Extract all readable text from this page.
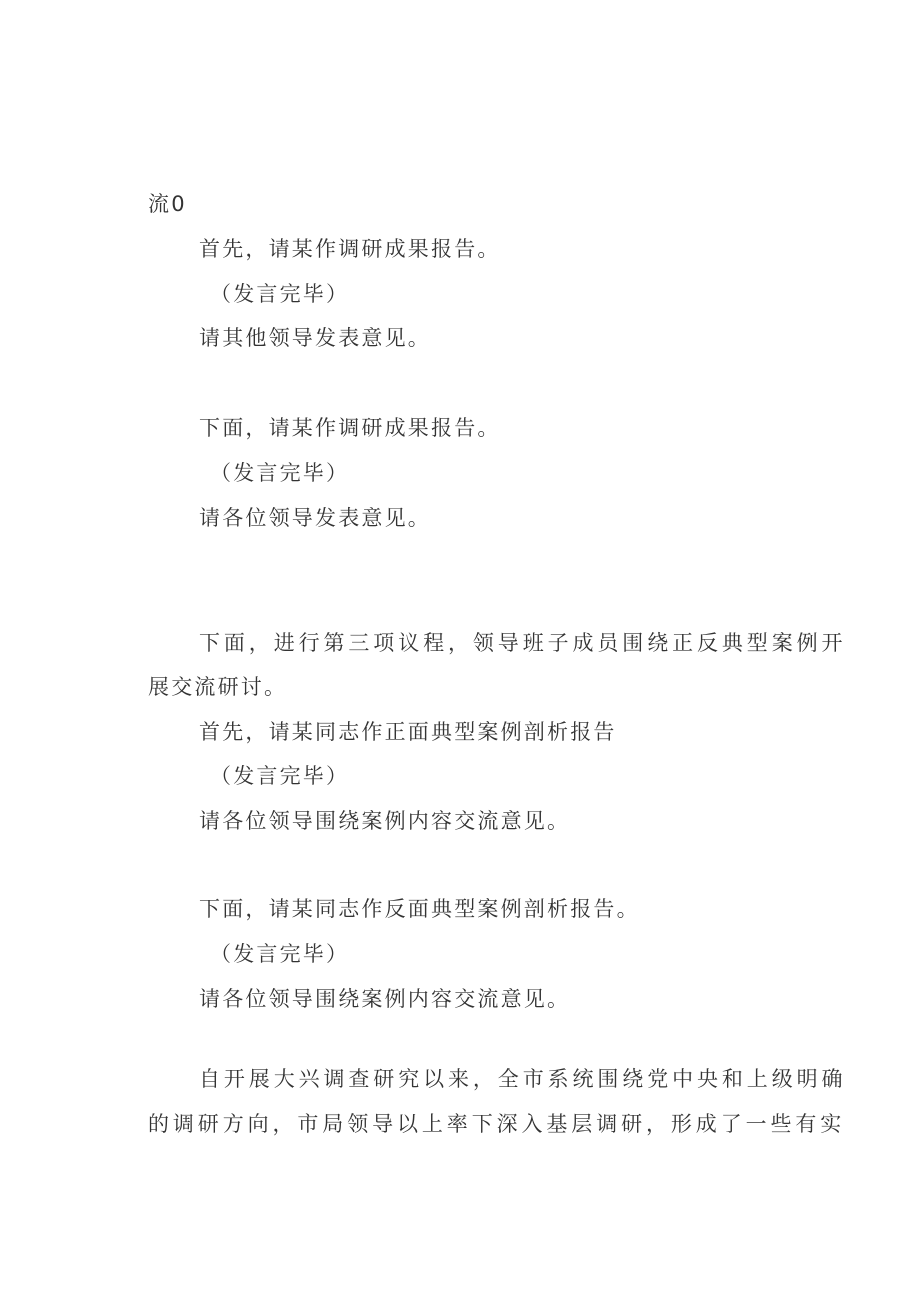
流0

首先，请某作调研成果报告。

（发言完毕）

请其他领导发表意见。

下面，请某作调研成果报告。

（发言完毕）

请各位领导发表意见。

下面，进行第三项议程，领导班子成员围绕正反典型案例开

展交流研讨。

首先，请某同志作正面典型案例剖析报告

（发言完毕）

请各位领导围绕案例内容交流意见。

下面，请某同志作反面典型案例剖析报告。

（发言完毕）

请各位领导围绕案例内容交流意见。

自开展大兴调查研究以来，全市系统围绕党中央和上级明确

的调研方向，市局领导以上率下深入基层调研，形成了一些有实
